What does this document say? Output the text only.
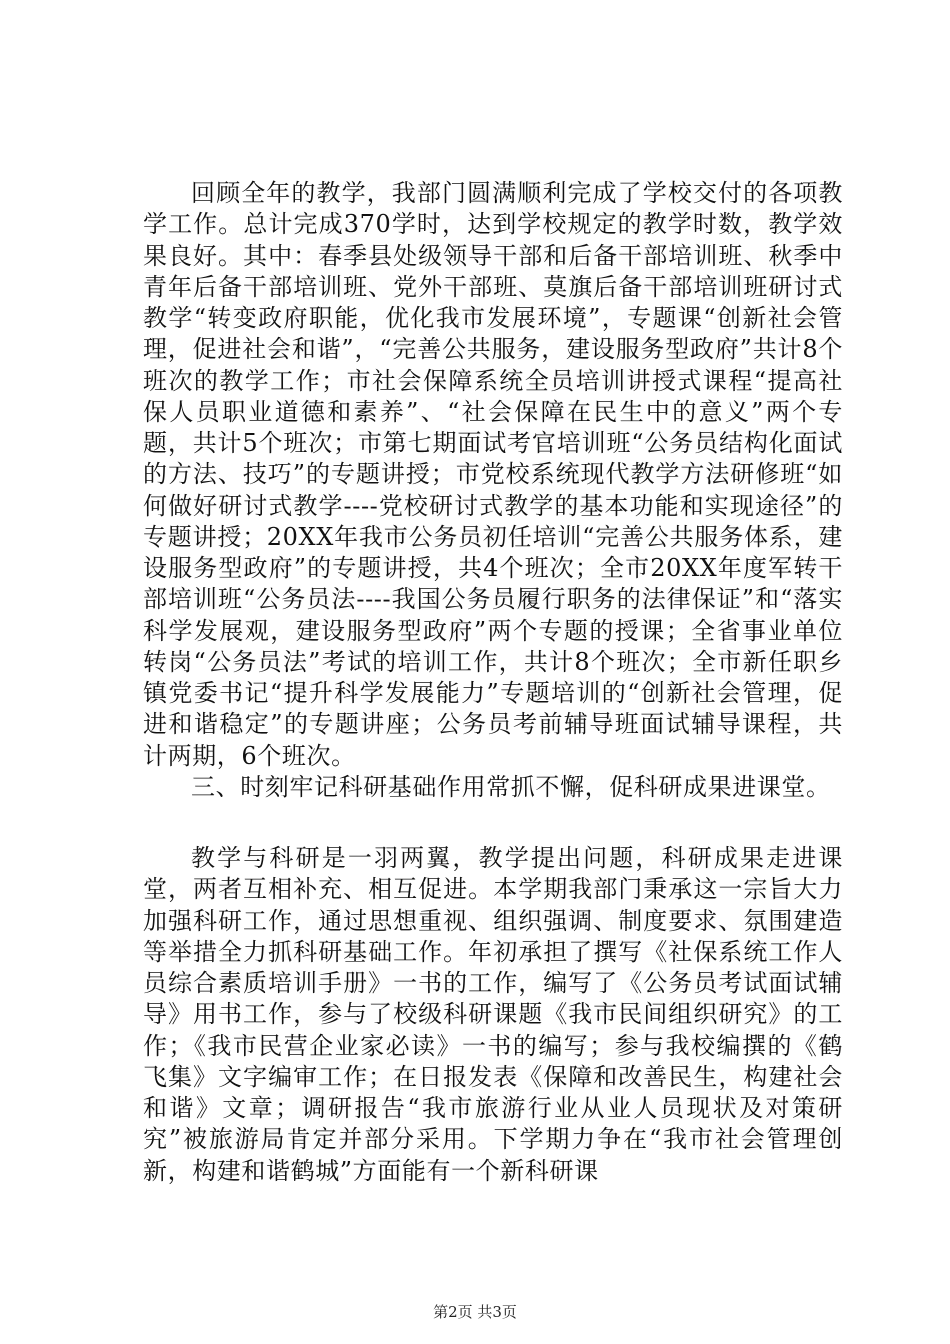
回顾全年的教学，我部门圆满顺利完成了学校交付的各项教学工作。总计完成370学时，达到学校规定的教学时数，教学效果良好。其中：春季县处级领导干部和后备干部培训班、秋季中青年后备干部培训班、党外干部班、莫旗后备干部培训班研讨式教学“转变政府职能，优化我市发展环境”，专题课“创新社会管理，促进社会和谐”，“完善公共服务，建设服务型政府”共计8个班次的教学工作；市社会保障系统全员培训讲授式课程“提高社保人员职业道德和素养”、“社会保障在民生中的意义”两个专题，共计5个班次；市第七期面试考官培训班“公务员结构化面试的方法、技巧”的专题讲授；市党校系统现代教学方法研修班“如何做好研讨式教学----党校研讨式教学的基本功能和实现途径”的专题讲授；20XX年我市公务员初任培训“完善公共服务体系，建设服务型政府”的专题讲授，共4个班次；全市20XX年度军转干部培训班“公务员法----我国公务员履行职务的法律保证”和“落实科学发展观，建设服务型政府”两个专题的授课；全省事业单位转岗“公务员法”考试的培训工作，共计8个班次；全市新任职乡镇党委书记“提升科学发展能力”专题培训的“创新社会管理，促进和谐稳定”的专题讲座；公务员考前辅导班面试辅导课程，共计两期，6个班次。

三、时刻牢记科研基础作用常抓不懈，促科研成果进课堂。

教学与科研是一羽两翼，教学提出问题，科研成果走进课堂，两者互相补充、相互促进。本学期我部门秉承这一宗旨大力加强科研工作，通过思想重视、组织强调、制度要求、氛围建造等举措全力抓科研基础工作。年初承担了撰写《社保系统工作人员综合素质培训手册》一书的工作，编写了《公务员考试面试辅导》用书工作，参与了校级科研课题《我市民间组织研究》的工作；《我市民营企业家必读》一书的编写；参与我校编撰的《鹤飞集》文字编审工作；在日报发表《保障和改善民生，构建社会和谐》文章；调研报告“我市旅游行业从业人员现状及对策研究”被旅游局肯定并部分采用。下学期力争在“我市社会管理创新，构建和谐鹤城”方面能有一个新科研课

第2页 共3页
